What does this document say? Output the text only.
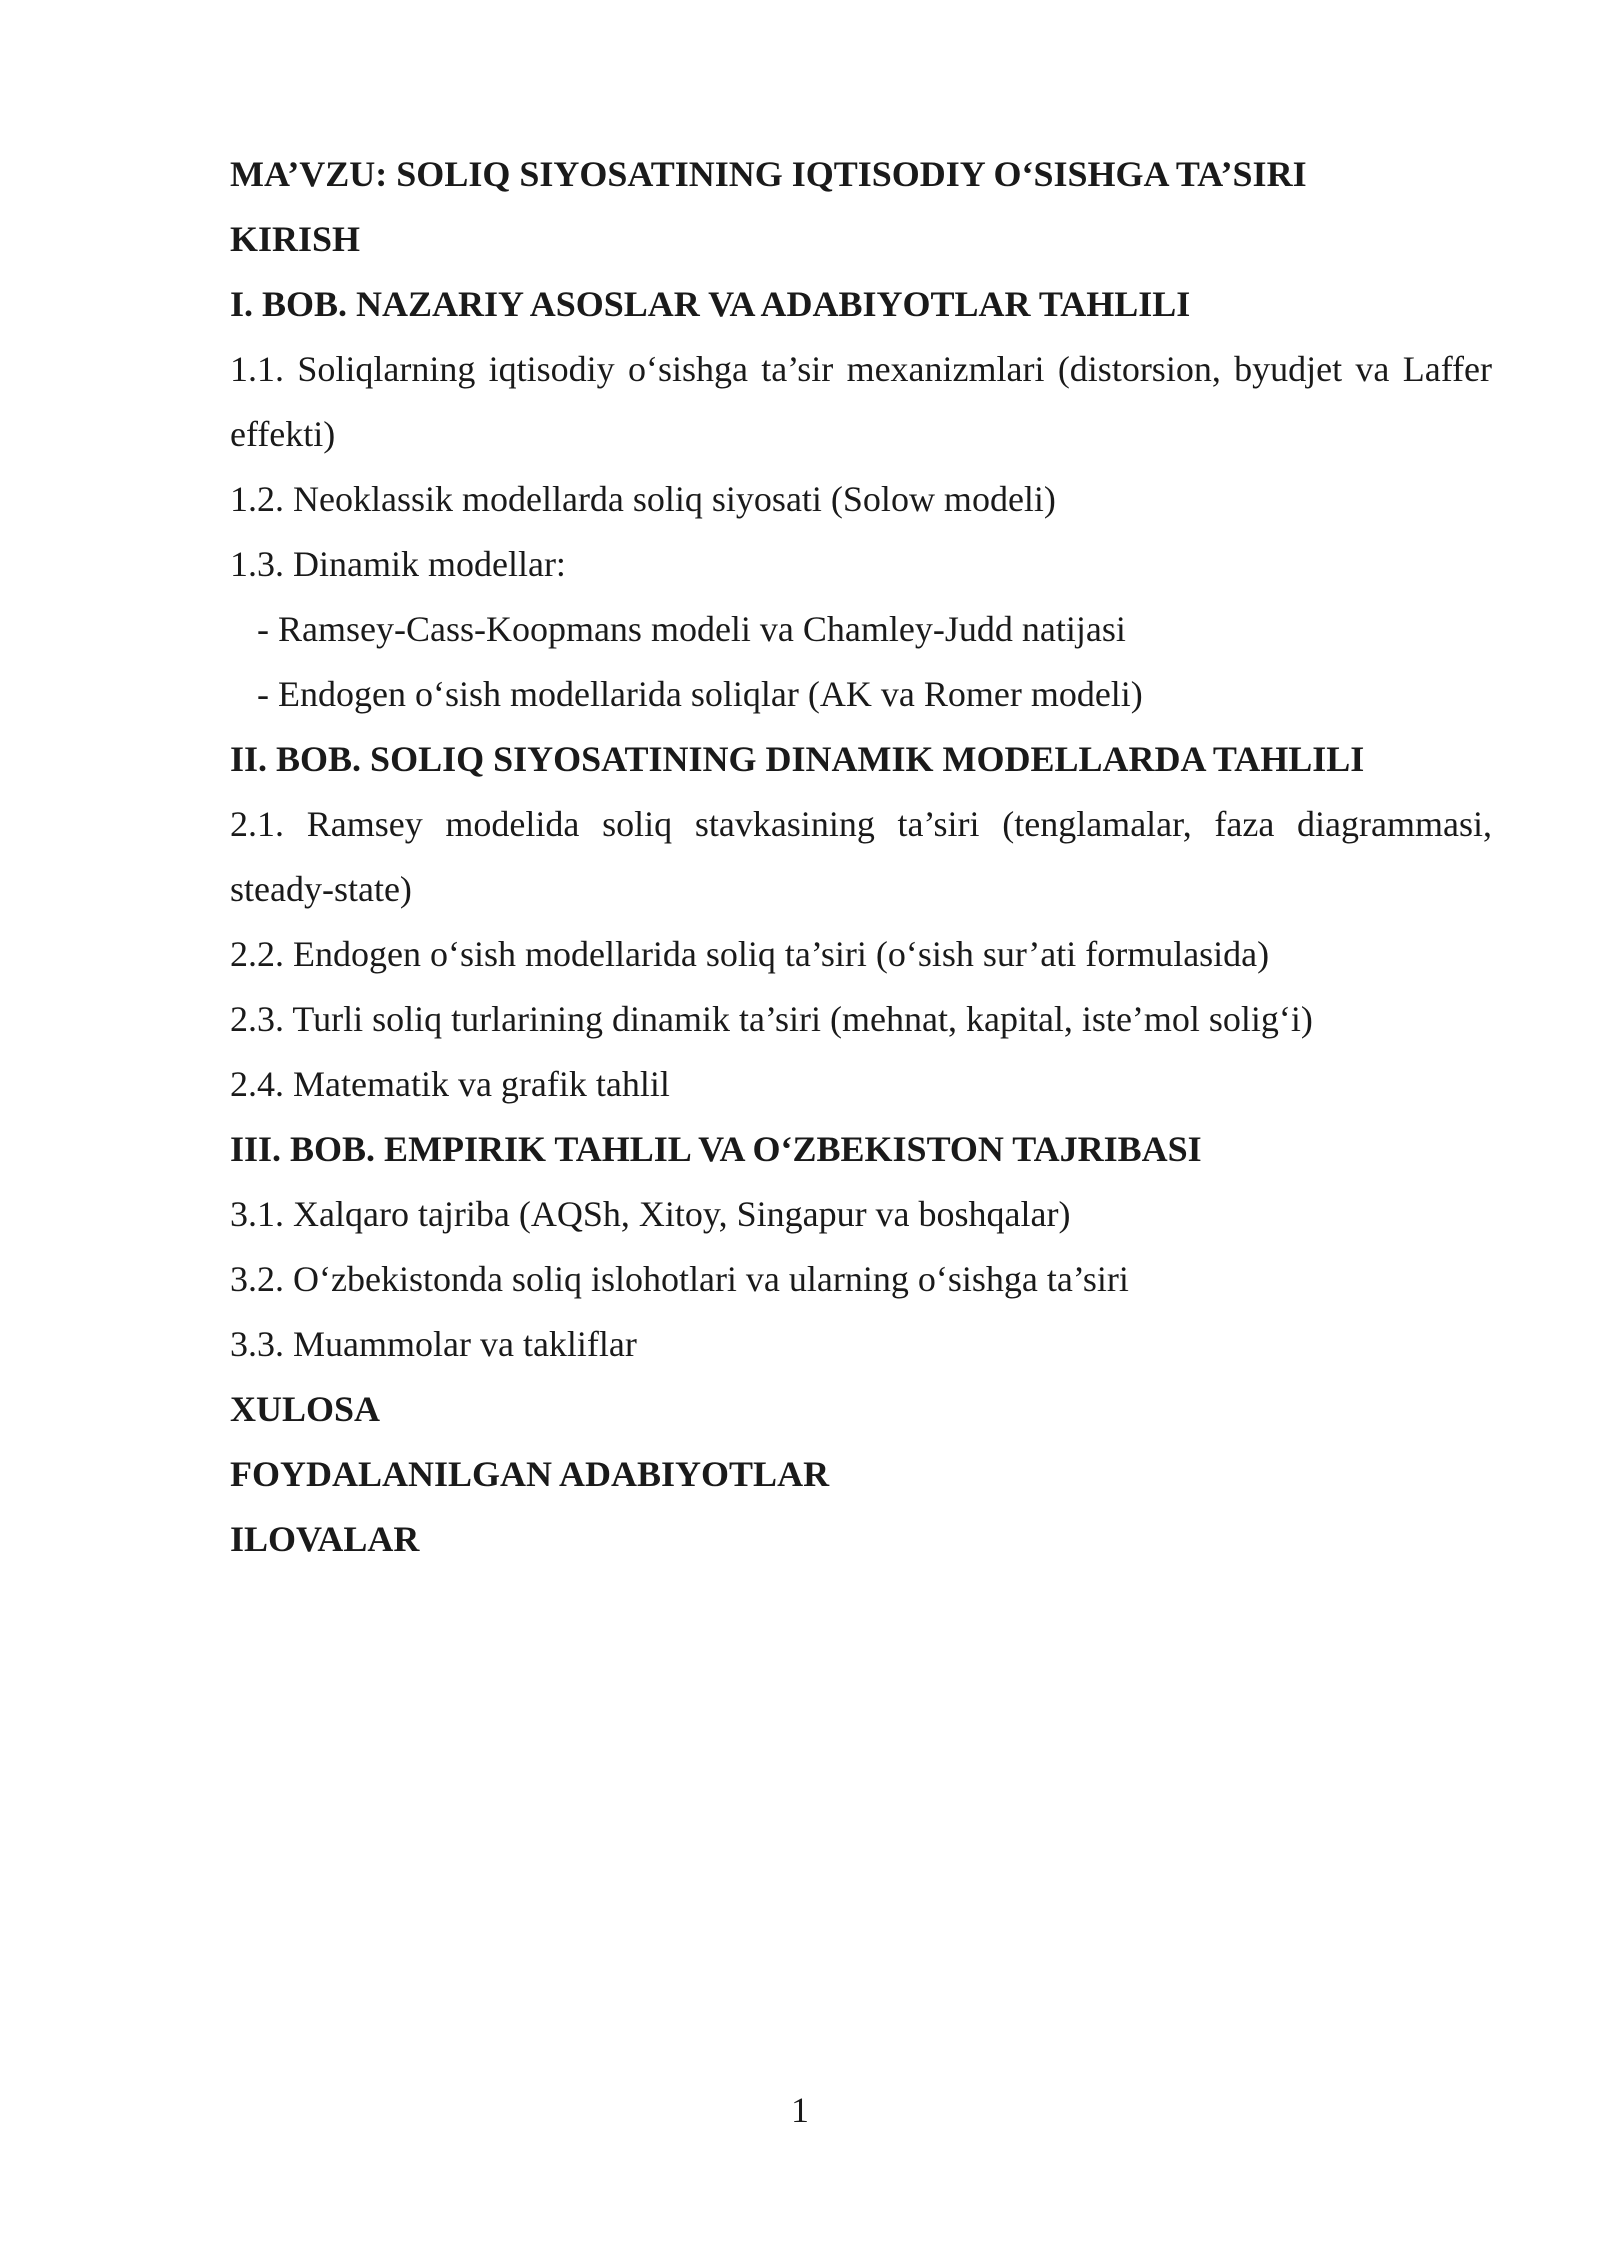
MA’VZU: SOLIQ SIYOSATINING IQTISODIY O‘SISHGA TA’SIRI
KIRISH
I. BOB. NAZARIY ASOSLAR VA ADABIYOTLAR TAHLILI
1.1. Soliqlarning iqtisodiy o‘sishga ta’sir mexanizmlari (distorsion, byudjet va Laffer effekti)
1.2. Neoklassik modellarda soliq siyosati (Solow modeli)
1.3. Dinamik modellar:
- Ramsey-Cass-Koopmans modeli va Chamley-Judd natijasi
- Endogen o‘sish modellarida soliqlar (AK va Romer modeli)
II. BOB. SOLIQ SIYOSATINING DINAMIK MODELLARDA TAHLILI
2.1. Ramsey modelida soliq stavkasining ta’siri (tenglamalar, faza diagrammasi, steady-state)
2.2. Endogen o‘sish modellarida soliq ta’siri (o‘sish sur’ati formulasida)
2.3. Turli soliq turlarining dinamik ta’siri (mehnat, kapital, iste’mol solig‘i)
2.4. Matematik va grafik tahlil
III. BOB. EMPIRIK TAHLIL VA O‘ZBEKISTON TAJRIBASI
3.1. Xalqaro tajriba (AQSh, Xitoy, Singapur va boshqalar)
3.2. O‘zbekistonda soliq islohotlari va ularning o‘sishga ta’siri
3.3. Muammolar va takliflar
XULOSA
FOYDALANILGAN ADABIYOTLAR
ILOVALAR
1
